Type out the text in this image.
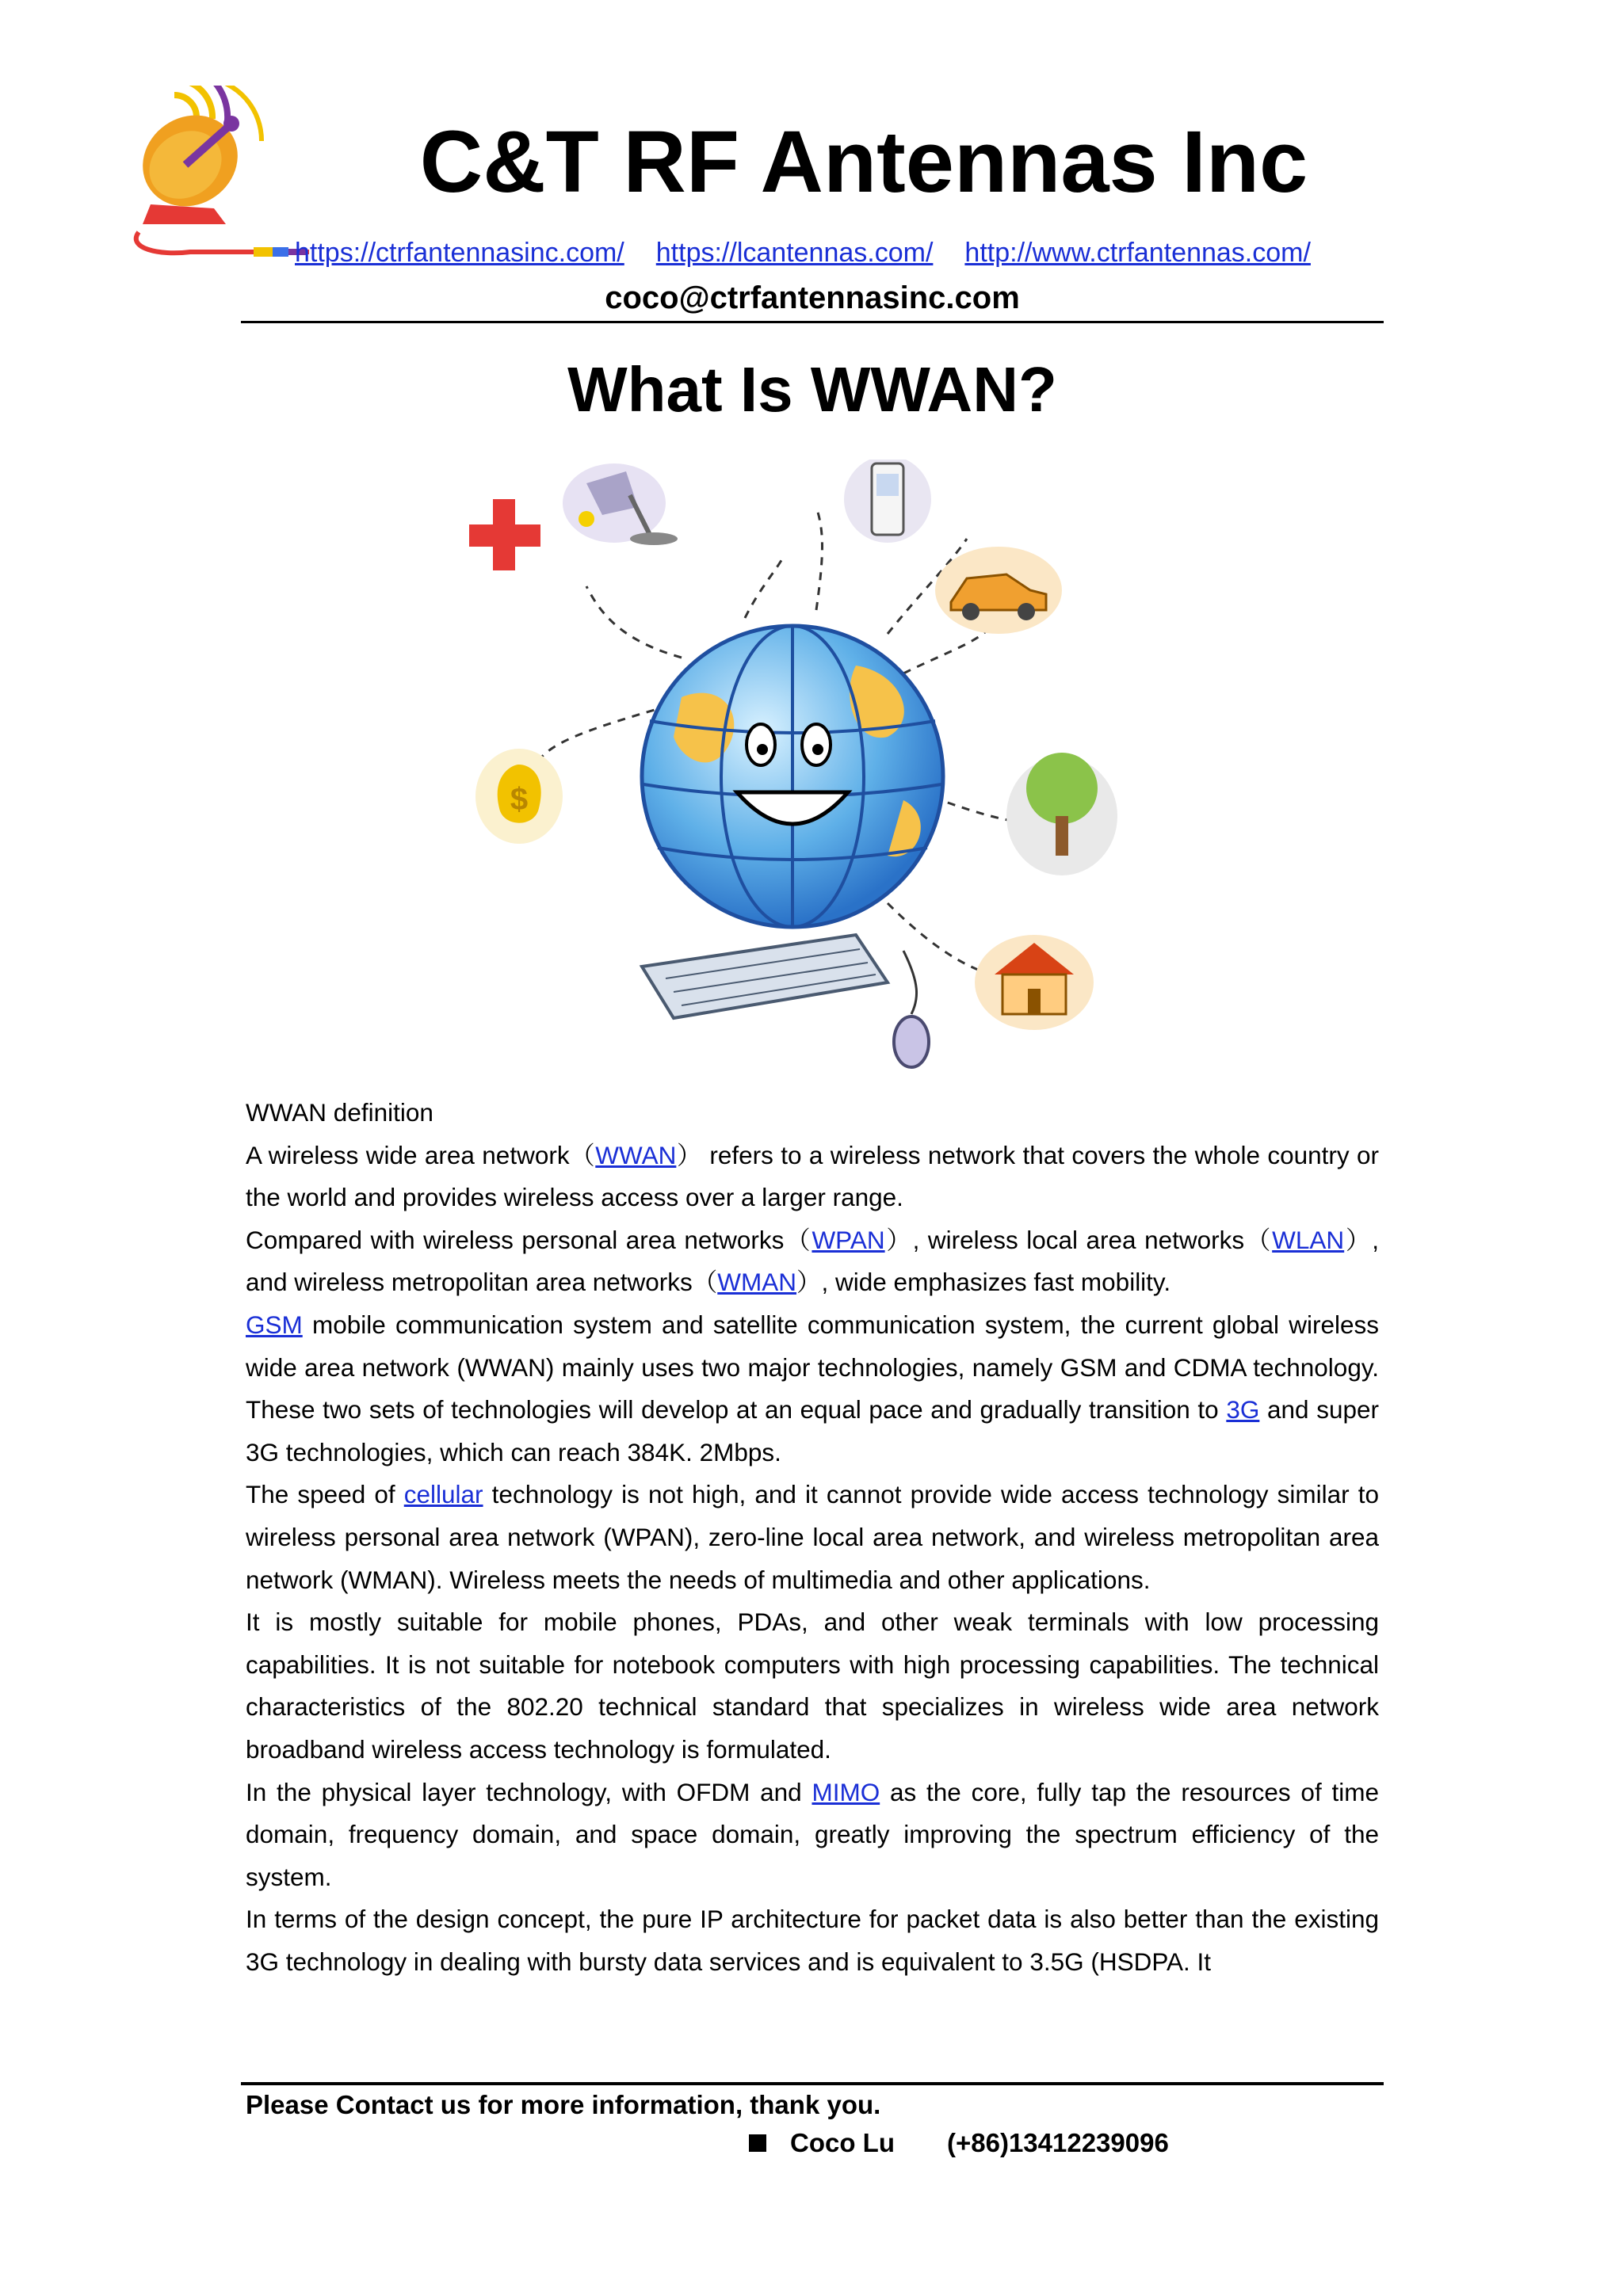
C&T RF Antennas Inc
https://ctrfantennasinc.com/ https://lcantennas.com/ http://www.ctrfantennas.com/
coco@ctrfantennasinc.com
What Is WWAN?
$

WWAN definition

A wireless wide area network（WWAN） refers to a wireless network that covers the whole country or the world and provides wireless access over a larger range.

Compared with wireless personal area networks（WPAN）, wireless local area networks（WLAN）, and wireless metropolitan area networks（WMAN）, wide emphasizes fast mobility.

GSM mobile communication system and satellite communication system, the current global wireless wide area network (WWAN) mainly uses two major technologies, namely GSM and CDMA technology. These two sets of technologies will develop at an equal pace and gradually transition to 3G and super 3G technologies, which can reach 384K. 2Mbps.

The speed of cellular technology is not high, and it cannot provide wide access technology similar to wireless personal area network (WPAN), zero-line local area network, and wireless metropolitan area network (WMAN). Wireless meets the needs of multimedia and other applications.

It is mostly suitable for mobile phones, PDAs, and other weak terminals with low processing capabilities. It is not suitable for notebook computers with high processing capabilities. The technical characteristics of the 802.20 technical standard that specializes in wireless wide area network broadband wireless access technology is formulated.

In the physical layer technology, with OFDM and MIMO as the core, fully tap the resources of time domain, frequency domain, and space domain, greatly improving the spectrum efficiency of the system.

In terms of the design concept, the pure IP architecture for packet data is also better than the existing 3G technology in dealing with bursty data services and is equivalent to 3.5G (HSDPA. It

Please Contact us for more information, thank you.
Coco Lu (+86)13412239096
